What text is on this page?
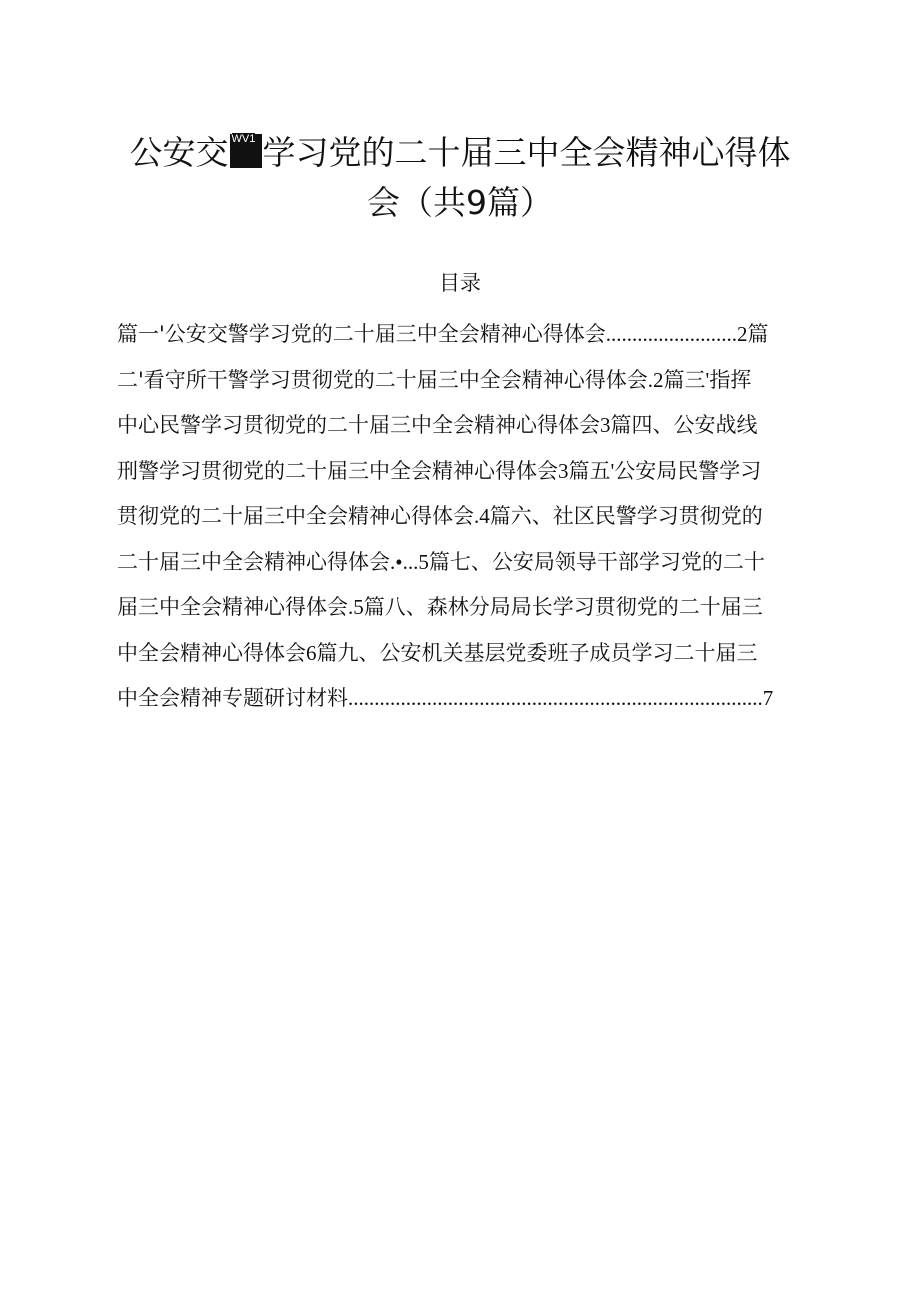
公安交 WV1 学习党的二十届三中全会精神心得体
会（共9篇）
目录
篇一'公安交警学习党的二十届三中全会精神心得体会.........................2篇
二'看守所干警学习贯彻党的二十届三中全会精神心得体会.2篇三'指挥
中心民警学习贯彻党的二十届三中全会精神心得体会3篇四、公安战线
刑警学习贯彻党的二十届三中全会精神心得体会3篇五'公安局民警学习
贯彻党的二十届三中全会精神心得体会.4篇六、社区民警学习贯彻党的
二十届三中全会精神心得体会.•...5篇七、公安局领导干部学习党的二十
届三中全会精神心得体会.5篇八、森林分局局长学习贯彻党的二十届三
中全会精神心得体会6篇九、公安机关基层党委班子成员学习二十届三
中全会精神专题研讨材料...............................................................................7
